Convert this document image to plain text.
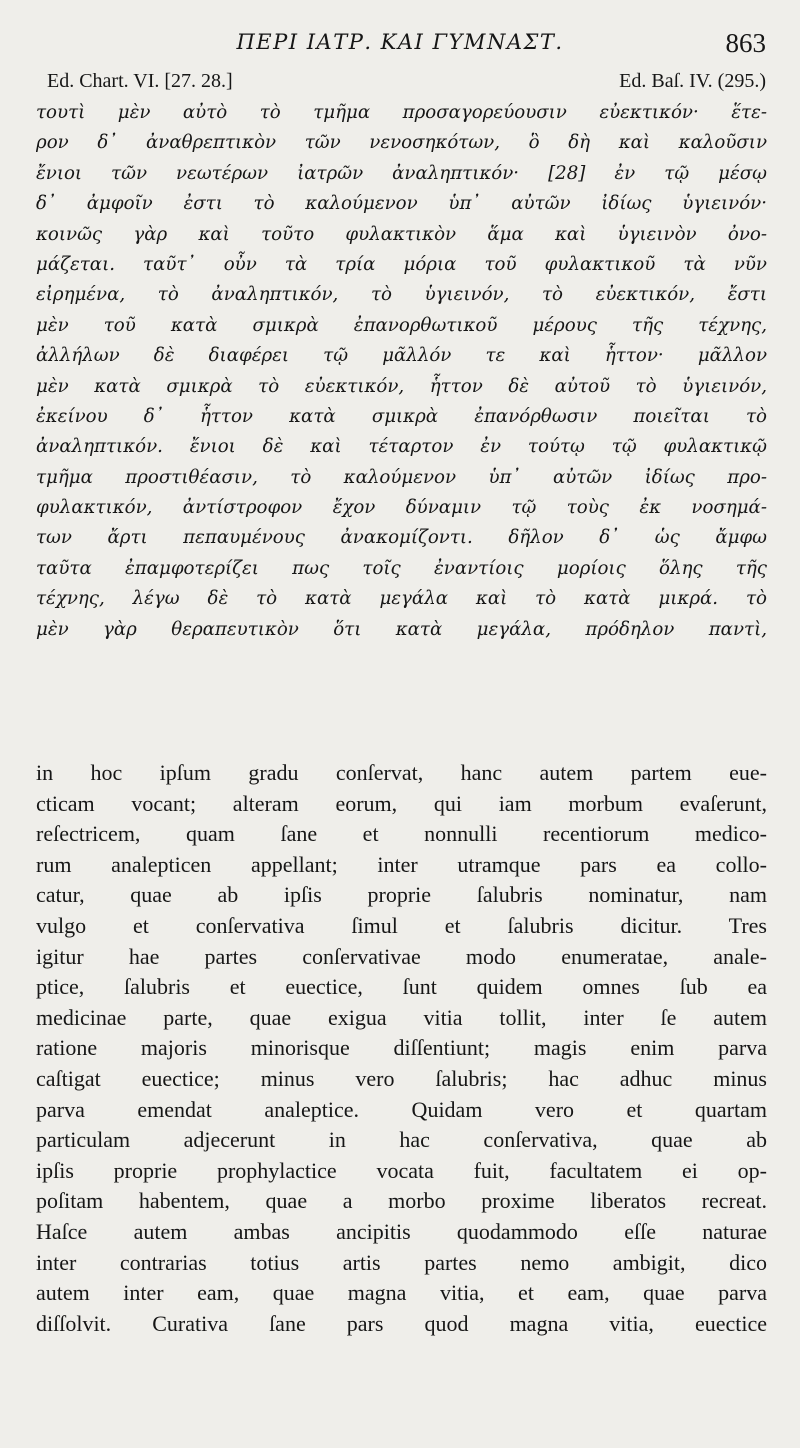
ΠΕΡΙ ΙΑΤΡ. ΚΑΙ ΓΥΜΝΑΣΤ.	863
Ed. Chart. VI. [27. 28.]	Ed. Baſ. IV. (295.)
τουτὶ μὲν αὐτὸ τὸ τμῆμα προσαγορεύουσιν εὐεκτικόν· ἕτε-
ρον δ᾽ ἀναθρεπτικὸν τῶν νενοσηκότων, ὃ δὴ καὶ καλοῦσιν
ἔνιοι τῶν νεωτέρων ἰατρῶν ἀναληπτικόν· [28] ἐν τῷ μέσῳ
δ᾽ ἀμφοῖν ἐστι τὸ καλούμενον ὑπ᾽ αὐτῶν ἰδίως ὑγιεινόν·
κοινῶς γὰρ καὶ τοῦτο φυλακτικὸν ἅμα καὶ ὑγιεινὸν ὀνο-
μάζεται. ταῦτ᾽ οὖν τὰ τρία μόρια τοῦ φυλακτικοῦ τὰ νῦν
εἰρημένα, τὸ ἀναληπτικόν, τὸ ὑγιεινόν, τὸ εὐεκτικόν, ἔστι
μὲν τοῦ κατὰ σμικρὰ ἐπανορθωτικοῦ μέρους τῆς τέχνης,
ἀλλήλων δὲ διαφέρει τῷ μᾶλλόν τε καὶ ἧττον· μᾶλλον
μὲν κατὰ σμικρὰ τὸ εὐεκτικόν, ἧττον δὲ αὐτοῦ τὸ ὑγιεινόν,
ἐκείνου δ᾽ ἧττον κατὰ σμικρὰ ἐπανόρθωσιν ποιεῖται τὸ
ἀναληπτικόν. ἔνιοι δὲ καὶ τέταρτον ἐν τούτῳ τῷ φυλακτικῷ
τμῆμα προστιθέασιν, τὸ καλούμενον ὑπ᾽ αὐτῶν ἰδίως προ-
φυλακτικόν, ἀντίστροφον ἔχον δύναμιν τῷ τοὺς ἐκ νοσημά-
των ἄρτι πεπαυμένους ἀνακομίζοντι. δῆλον δ᾽ ὡς ἄμφω
ταῦτα ἐπαμφοτερίζει πως τοῖς ἐναντίοις μορίοις ὅλης τῆς
τέχνης, λέγω δὲ τὸ κατὰ μεγάλα καὶ τὸ κατὰ μικρά. τὸ
μὲν γὰρ θεραπευτικὸν ὅτι κατὰ μεγάλα, πρόδηλον παντὶ,
in hoc ipſum gradu conſervat, hanc autem partem eue-
cticam vocant; alteram eorum, qui iam morbum evaſerunt,
reſectricem, quam ſane et nonnulli recentiorum medico-
rum analepticen appellant; inter utramque pars ea collo-
catur, quae ab ipſis proprie ſalubris nominatur, nam
vulgo et conſervativa ſimul et ſalubris dicitur. Tres
igitur hae partes conſervativae modo enumeratae, anale-
ptice, ſalubris et euectice, ſunt quidem omnes ſub ea
medicinae parte, quae exigua vitia tollit, inter ſe autem
ratione majoris minorisque diſſentiunt; magis enim parva
caſtigat euectice; minus vero ſalubris; hac adhuc minus
parva emendat analeptice. Quidam vero et quartam
particulam adjecerunt in hac conſervativa, quae ab
ipſis proprie prophylactice vocata fuit, facultatem ei op-
poſitam habentem, quae a morbo proxime liberatos recreat.
Haſce autem ambas ancipitis quodammodo eſſe naturae
inter contrarias totius artis partes nemo ambigit, dico
autem inter eam, quae magna vitia, et eam, quae parva
diſſolvit. Curativa ſane pars quod magna vitia, euectice
